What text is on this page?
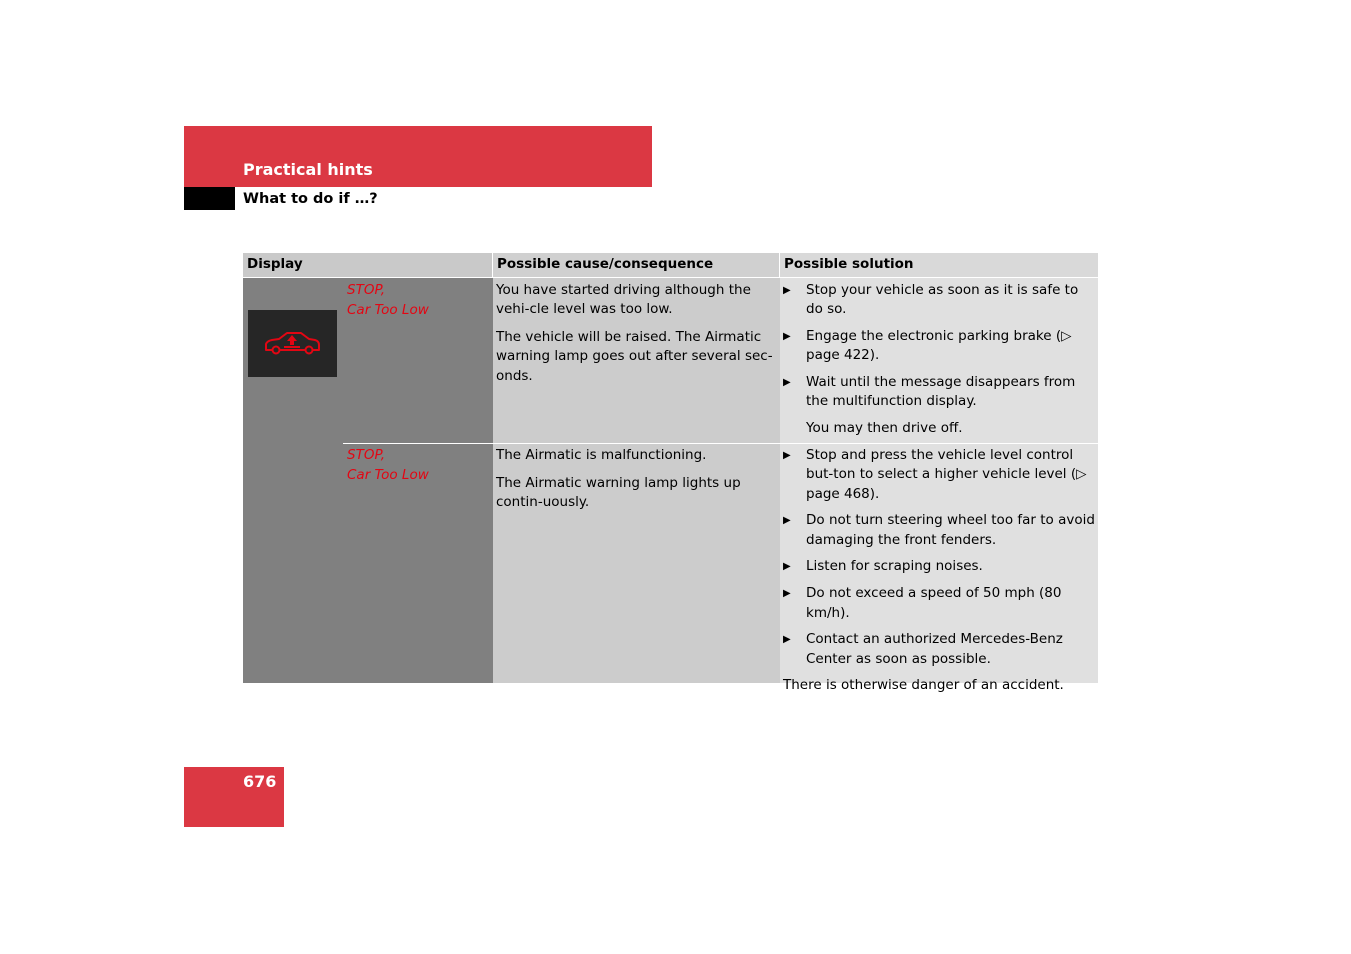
Practical hints
What to do if …?
Display	Possible cause/consequence	Possible solution
STOP,
Car Too Low
STOP,
Car Too Low

You have started driving although the vehi-cle level was too low.

The vehicle will be raised. The Airmatic warning lamp goes out after several sec-onds.

The Airmatic is malfunctioning.

The Airmatic warning lamp lights up contin-uously.

▶ Stop your vehicle as soon as it is safe to do so.
▶ Engage the electronic parking brake (▷ page 422).
▶ Wait until the message disappears from the multifunction display.
You may then drive off.
▶ Stop and press the vehicle level control but-ton to select a higher vehicle level (▷ page 468).
▶ Do not turn steering wheel too far to avoid damaging the front fenders.
▶ Listen for scraping noises.
▶ Do not exceed a speed of 50 mph (80 km/h).
▶ Contact an authorized Mercedes-Benz Center as soon as possible.
There is otherwise danger of an accident.
676
